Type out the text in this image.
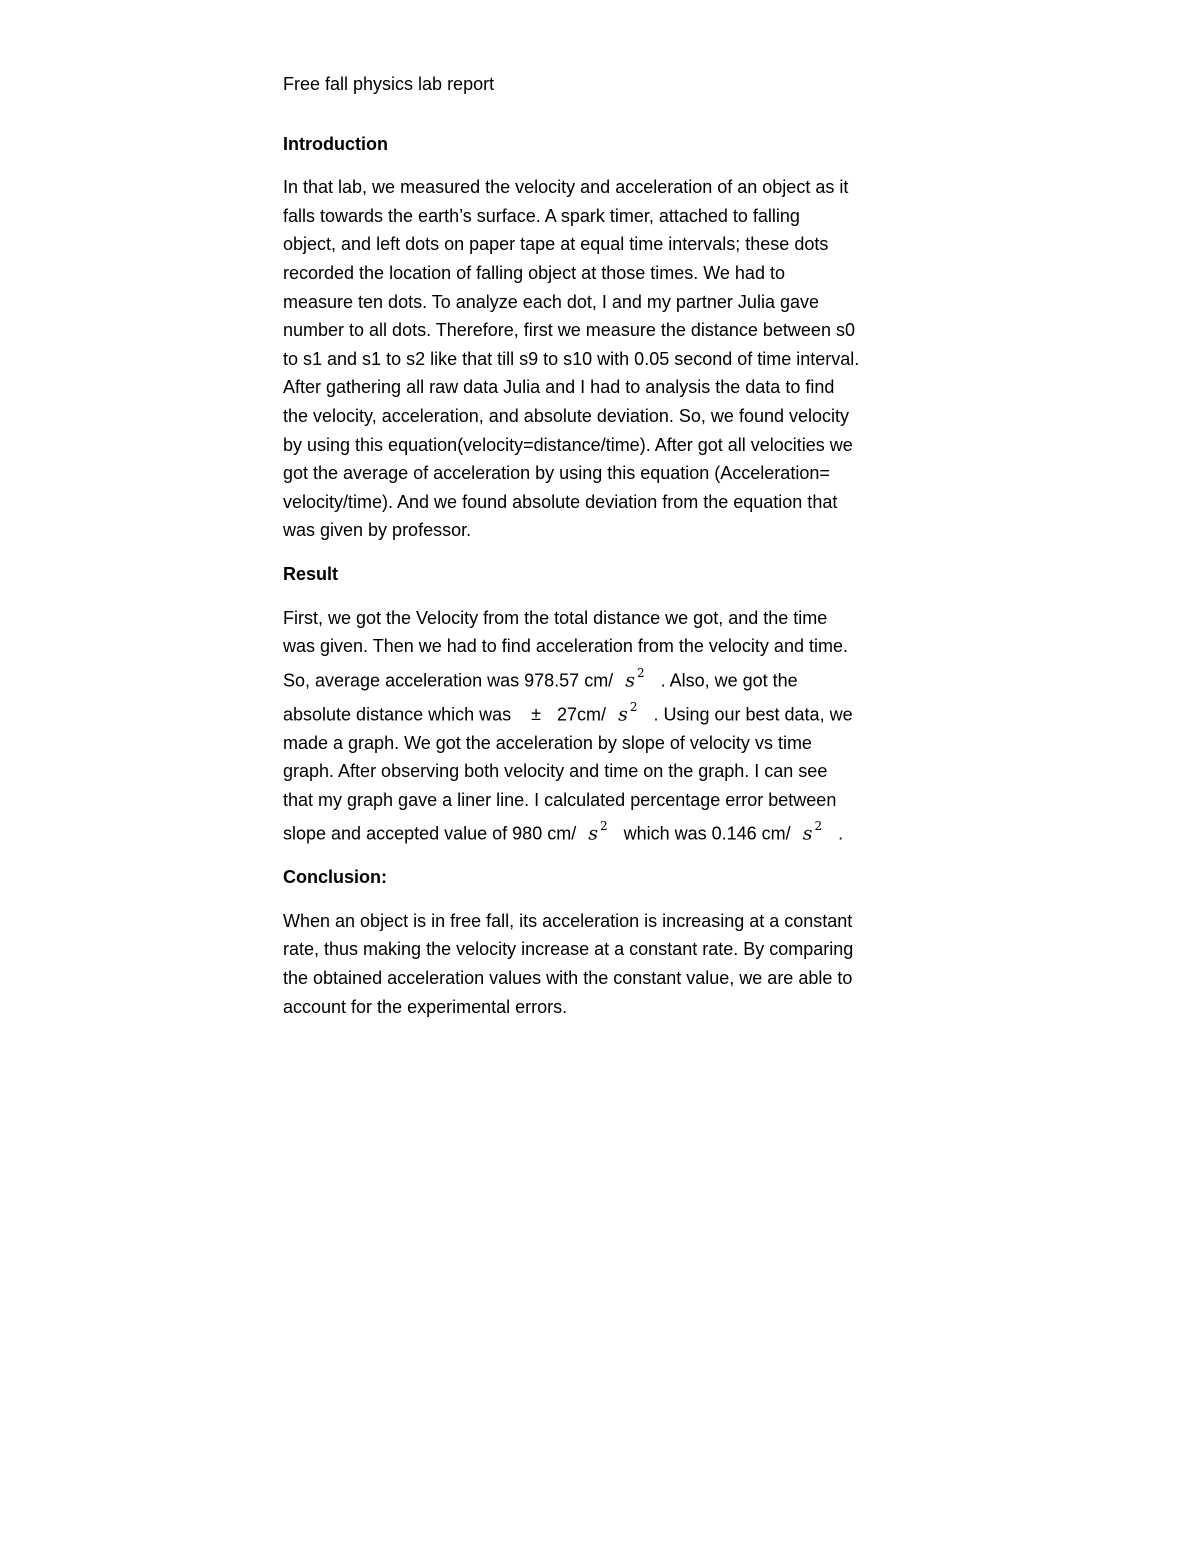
Free fall physics lab report
Introduction
In that lab, we measured the velocity and acceleration of an object as it
falls towards the earth’s surface. A spark timer, attached to falling
object, and left dots on paper tape at equal time intervals; these dots
recorded the location of falling object at those times. We had to
measure ten dots. To analyze each dot, I and my partner Julia gave
number to all dots. Therefore, first we measure the distance between s0
to s1 and s1 to s2 like that till s9 to s10 with 0.05 second of time interval.
After gathering all raw data Julia and I had to analysis the data to find
the velocity, acceleration, and absolute deviation. So, we found velocity
by using this equation(velocity=distance/time). After got all velocities we
got the average of acceleration by using this equation (Acceleration=
velocity/time). And we found absolute deviation from the equation that
was given by professor.
Result
First, we got the Velocity from the total distance we got, and the time
was given. Then we had to find acceleration from the velocity and time.
So, average acceleration was 978.57 cm/ s $^2$ . Also, we got the
absolute distance which was ± 27cm/ s $^2$ . Using our best data, we
made a graph. We got the acceleration by slope of velocity vs time
graph. After observing both velocity and time on the graph. I can see
that my graph gave a liner line. I calculated percentage error between
slope and accepted value of 980 cm/ s $^2$ which was 0.146 cm/ s $^2$ .
Conclusion:
When an object is in free fall, its acceleration is increasing at a constant
rate, thus making the velocity increase at a constant rate. By comparing
the obtained acceleration values with the constant value, we are able to
account for the experimental errors.
